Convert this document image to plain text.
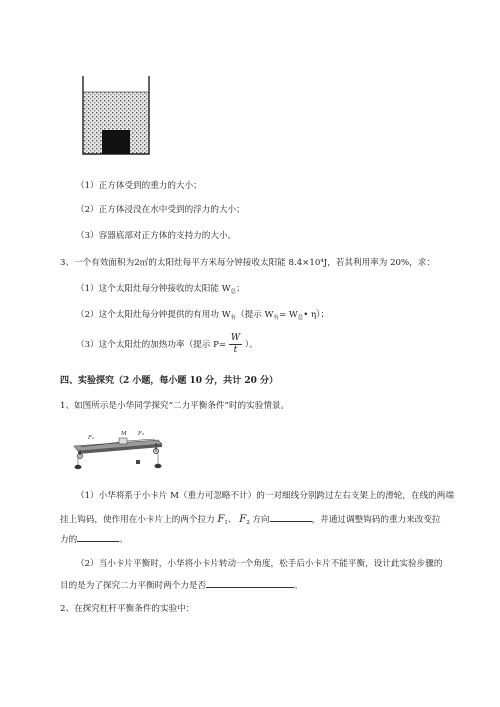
（1）正方体受到的重力的大小；
（2）正方体浸没在水中受到的浮力的大小；
（3）容器底部对正方体的支持力的大小。
3、一个有效面积为2㎡的太阳灶每平方米每分钟接收太阳能 8.4×10⁴J，若其利用率为 20%，求：
（1）这个太阳灶每分钟接收的太阳能 $W_总$；
（2）这个太阳灶每分钟提供的有用功 $W_有$（提示 $W_有=$ $W_总•$ η）；
（3）这个太阳灶的加热功率（提示 $P= \frac{W}{t}$ ）。
四、实验探究（2 小题，每小题 10 分，共计 20 分）
1、如图所示是小华同学探究“二力平衡条件”时的实验情景。
F₁
M F₂
（1）小华将系于小卡片 M（重力可忽略不计）的一对细线分别跨过左右支架上的滑轮，在线的两端
挂上钩码，使作用在小卡片上的两个拉力 $F_1$、 $F_2$ 方向	，并通过调整钩码的重力来改变拉
力的	。
（2）当小卡片平衡时，小华将小卡片转动一个角度，松手后小卡片不能平衡，设计此实验步骤的
目的是为了探究二力平衡时两个力是否	。
2、在探究杠杆平衡条件的实验中：
